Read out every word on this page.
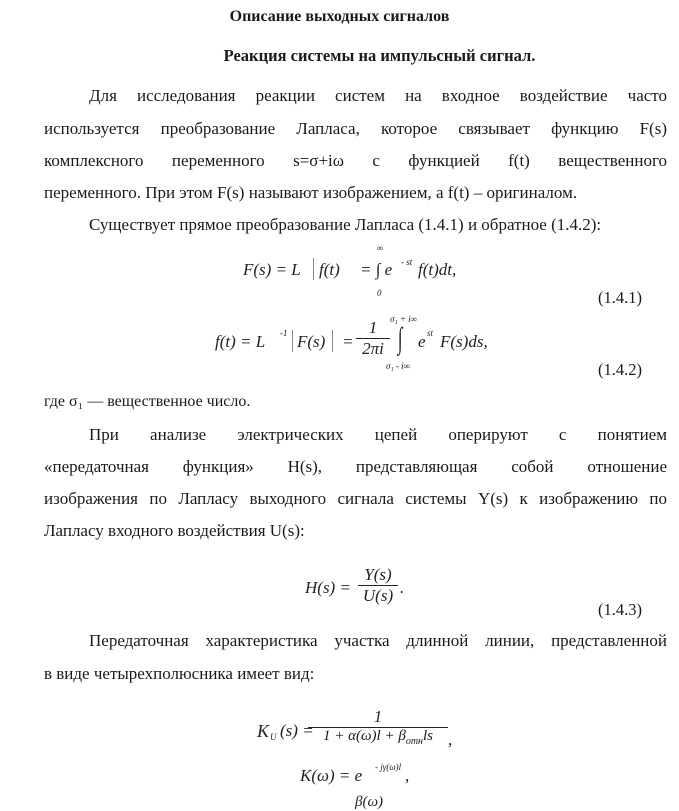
Описание выходных сигналов
Реакция системы на импульсный сигнал.
Для исследования реакции систем на входное воздействие часто
используется преобразование Лапласа, которое связывает функцию F(s)
комплексного переменного s=σ+iω с функцией f(t) вещественного
переменного. При этом F(s) называют изображением, а f(t) – оригиналом.
Существует прямое преобразование Лапласа (1.4.1) и обратное (1.4.2):
F(s) = L f(t)
∞
= ∫ e - st f(t)dt,
0	(1.4.1)
f(t) = L -1 $F(s) = \frac{1}{2\pi i} \sigma_1 + i\infty$
∫
σ₁ - i∞
e st F(s)ds,
(1.4.2)
где σ₁ — вещественное число.
При анализе электрических цепей оперируют с понятием
«передаточная функция» H(s), представляющая собой отношение
изображения по Лапласу выходного сигнала системы Y(s) к изображению по
Лапласу входного воздействия U(s):
$H(s) = \frac{Y(s)}{U(s)}$ .
(1.4.3)
Передаточная характеристика участка длинной линии, представленной
в виде четырехполюсника имеет вид:
K U (s) =
1
$1 + \alpha(\omega)l + \beta_{отн}ls$ ,
K(ω) = e - jγ(ω)l ,
β(ω)
